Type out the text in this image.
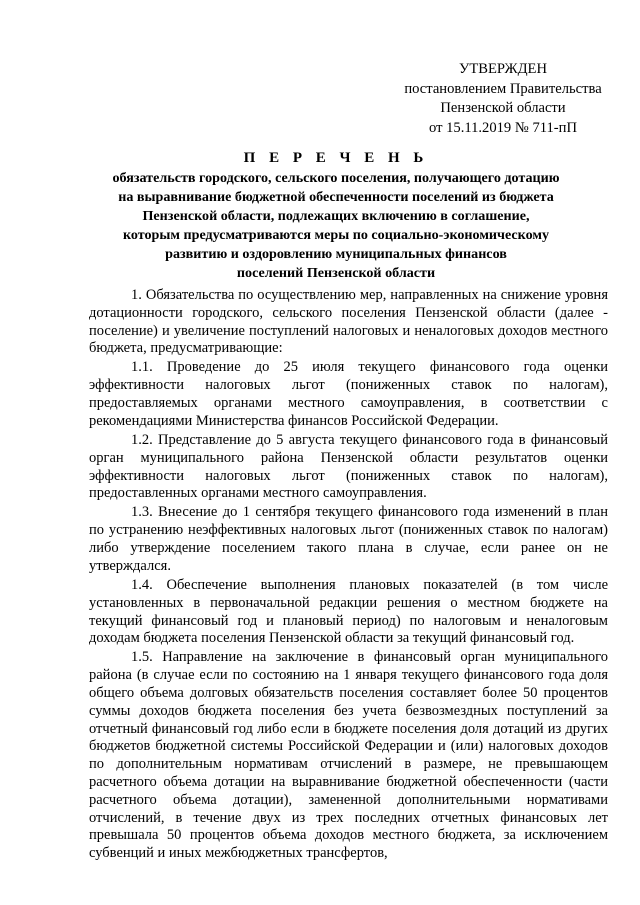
УТВЕРЖДЕН
постановлением Правительства
Пензенской области
от 15.11.2019 № 711-пП
П Е Р Е Ч Е Н Ь
обязательств городского, сельского поселения, получающего дотацию
на выравнивание бюджетной обеспеченности поселений из бюджета
Пензенской области, подлежащих включению в соглашение,
которым предусматриваются меры по социально-экономическому
развитию и оздоровлению муниципальных финансов
поселений Пензенской области

1. Обязательства по осуществлению мер, направленных на снижение уровня дотационности городского, сельского поселения Пензенской области (далее - поселение) и увеличение поступлений налоговых и неналоговых доходов местного бюджета, предусматривающие:

1.1. Проведение до 25 июля текущего финансового года оценки эффективности налоговых льгот (пониженных ставок по налогам), предоставляемых органами местного самоуправления, в соответствии с рекомендациями Министерства финансов Российской Федерации.

1.2. Представление до 5 августа текущего финансового года в финансовый орган муниципального района Пензенской области результатов оценки эффективности налоговых льгот (пониженных ставок по налогам), предоставленных органами местного самоуправления.

1.3. Внесение до 1 сентября текущего финансового года изменений в план по устранению неэффективных налоговых льгот (пониженных ставок по налогам) либо утверждение поселением такого плана в случае, если ранее он не утверждался.

1.4. Обеспечение выполнения плановых показателей (в том числе установленных в первоначальной редакции решения о местном бюджете на текущий финансовый год и плановый период) по налоговым и неналоговым доходам бюджета поселения Пензенской области за текущий финансовый год.

1.5. Направление на заключение в финансовый орган муниципального района (в случае если по состоянию на 1 января текущего финансового года доля общего объема долговых обязательств поселения составляет более 50 процентов суммы доходов бюджета поселения без учета безвозмездных поступлений за отчетный финансовый год либо если в бюджете поселения доля дотаций из других бюджетов бюджетной системы Российской Федерации и (или) налоговых доходов по дополнительным нормативам отчислений в размере, не превышающем расчетного объема дотации на выравнивание бюджетной обеспеченности (части расчетного объема дотации), замененной дополнительными нормативами отчислений, в течение двух из трех последних отчетных финансовых лет превышала 50 процентов объема доходов местного бюджета, за исключением субвенций и иных межбюджетных трансфертов,
